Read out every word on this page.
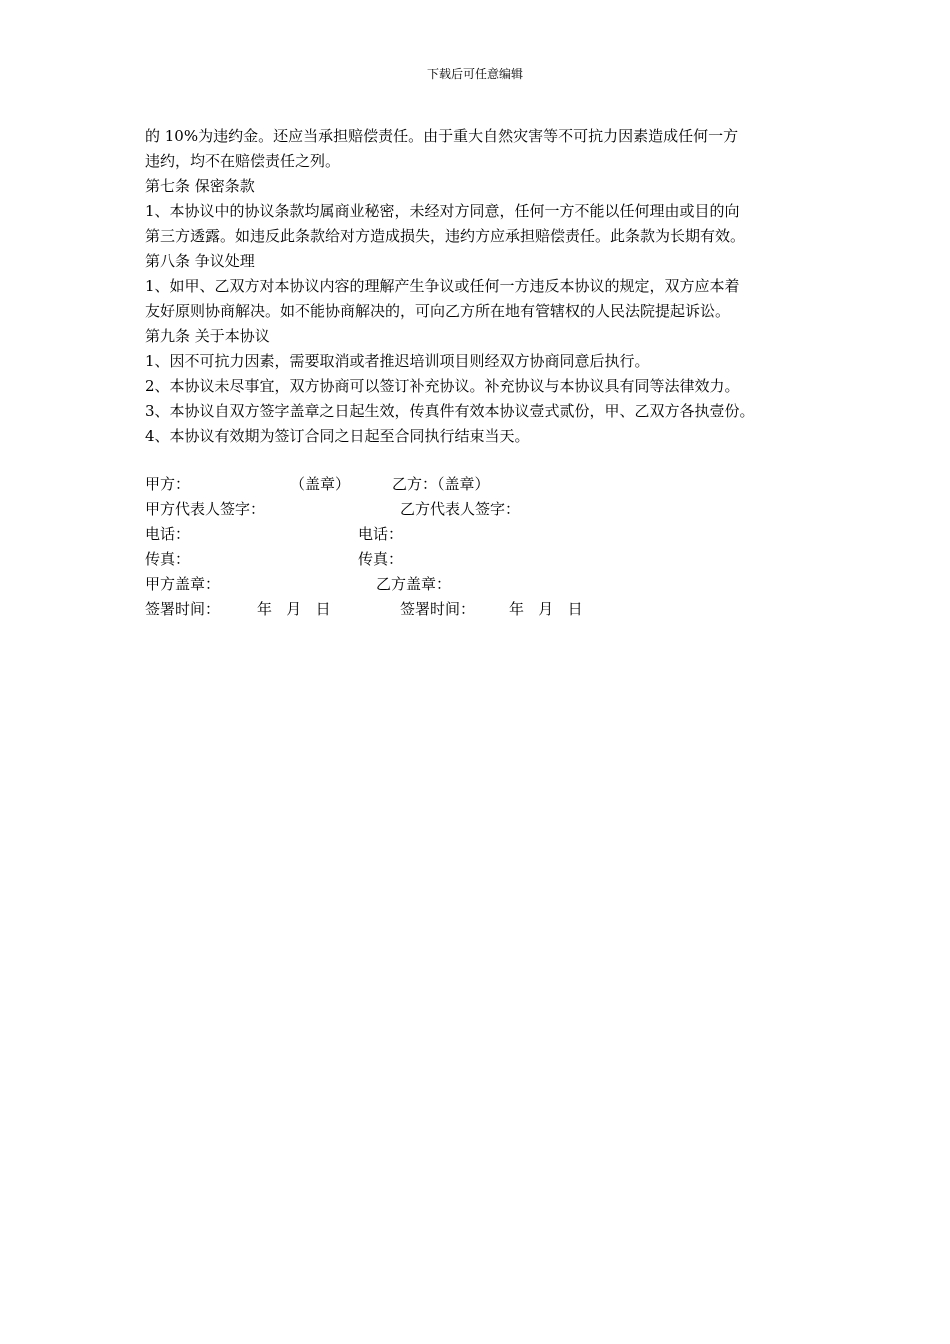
下载后可任意编辑
的 10%为违约金。还应当承担赔偿责任。由于重大自然灾害等不可抗力因素造成任何一方
违约，均不在赔偿责任之列。
第七条 保密条款
1、本协议中的协议条款均属商业秘密，未经对方同意，任何一方不能以任何理由或目的向
第三方透露。如违反此条款给对方造成损失，违约方应承担赔偿责任。此条款为长期有效。
第八条 争议处理
1、如甲、乙双方对本协议内容的理解产生争议或任何一方违反本协议的规定，双方应本着
友好原则协商解决。如不能协商解决的，可向乙方所在地有管辖权的人民法院提起诉讼。
第九条 关于本协议
1、因不可抗力因素，需要取消或者推迟培训项目则经双方协商同意后执行。
2、本协议未尽事宜，双方协商可以签订补充协议。补充协议与本协议具有同等法律效力。
3、本协议自双方签字盖章之日起生效，传真件有效本协议壹式贰份，甲、乙双方各执壹份。
4、本协议有效期为签订合同之日起至合同执行结束当天。
甲方：	（盖章）	乙方：（盖章）
甲方代表人签字：	乙方代表人签字：
电话：	电话：
传真：	传真：
甲方盖章：	乙方盖章：
签署时间： 年   月   日	签署时间： 年   月   日
